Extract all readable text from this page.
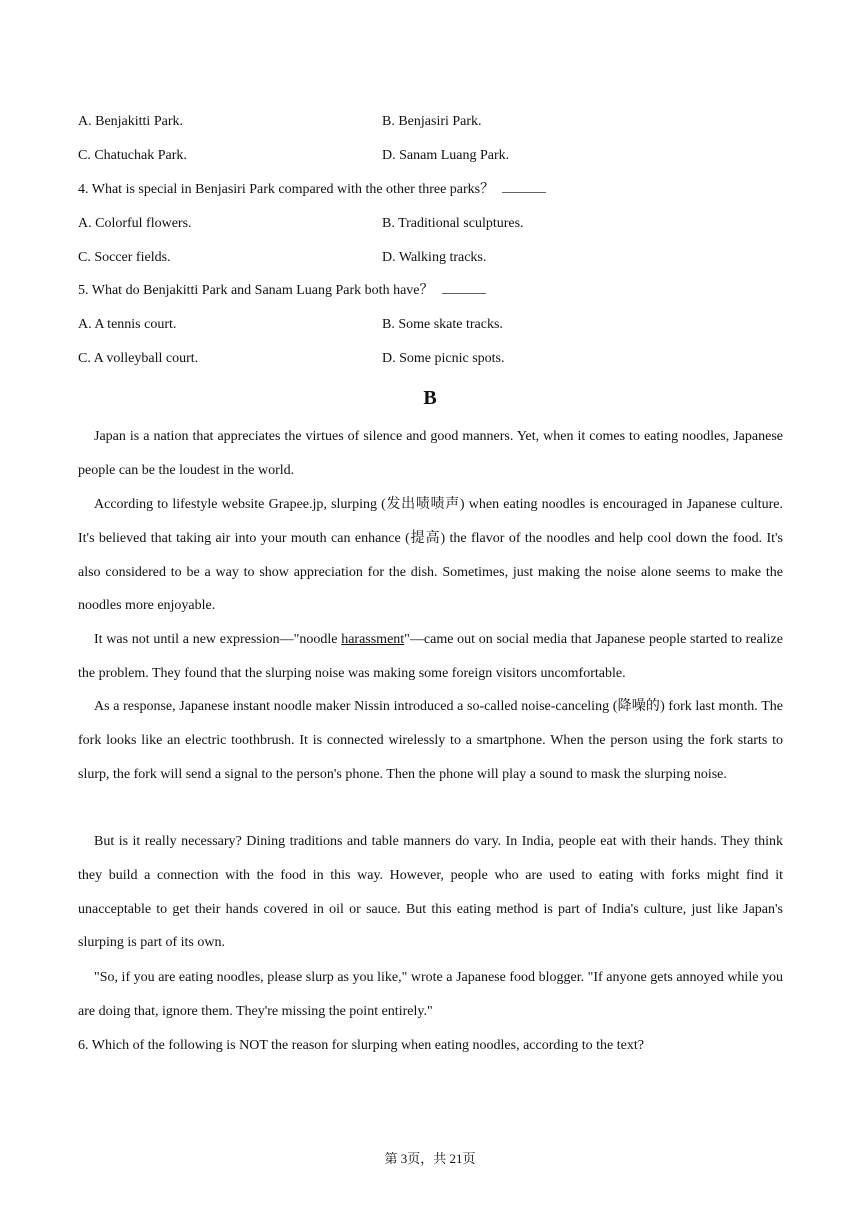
A. Benjakitti Park.	B. Benjasiri Park.
C. Chatuchak Park.	D. Sanam Luang Park.
4. What is special in Benjasiri Park compared with the other three parks？
A. Colorful flowers.	B. Traditional sculptures.
C. Soccer fields.	D. Walking tracks.
5. What do Benjakitti Park and Sanam Luang Park both have？
A. A tennis court.	B. Some skate tracks.
C. A volleyball court.	D. Some picnic spots.
B
Japan is a nation that appreciates the virtues of silence and good manners. Yet, when it comes to eating noodles, Japanese people can be the loudest in the world.
According to lifestyle website Grapee.jp, slurping (发出啧啧声) when eating noodles is encouraged in Japanese culture. It's believed that taking air into your mouth can enhance (提高) the flavor of the noodles and help cool down the food. It's also considered to be a way to show appreciation for the dish. Sometimes, just making the noise alone seems to make the noodles more enjoyable.
It was not until a new expression—"noodle harassment"—came out on social media that Japanese people started to realize the problem. They found that the slurping noise was making some foreign visitors uncomfortable.
As a response, Japanese instant noodle maker Nissin introduced a so-called noise-canceling (降噪的) fork last month. The fork looks like an electric toothbrush. It is connected wirelessly to a smartphone. When the person using the fork starts to slurp, the fork will send a signal to the person's phone. Then the phone will play a sound to mask the slurping noise.
But is it really necessary? Dining traditions and table manners do vary. In India, people eat with their hands. They think they build a connection with the food in this way. However, people who are used to eating with forks might find it unacceptable to get their hands covered in oil or sauce. But this eating method is part of India's culture, just like Japan's slurping is part of its own.
"So, if you are eating noodles, please slurp as you like," wrote a Japanese food blogger. "If anyone gets annoyed while you are doing that, ignore them. They're missing the point entirely."
6. Which of the following is NOT the reason for slurping when eating noodles, according to the text?
第 3页，共 21页
